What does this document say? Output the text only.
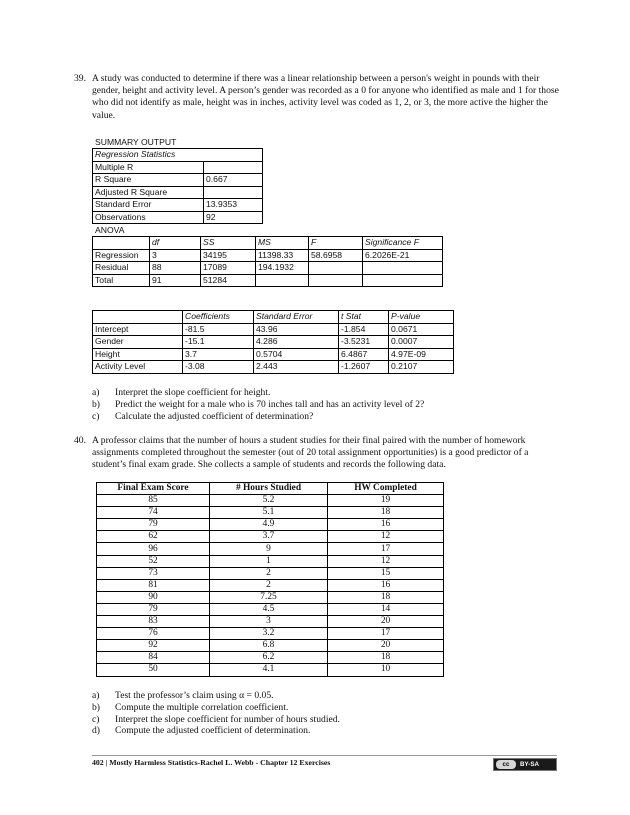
39. A study was conducted to determine if there was a linear relationship between a person's weight in pounds with their gender, height and activity level. A person’s gender was recorded as a 0 for anyone who identified as male and 1 for those who did not identify as male, height was in inches, activity level was coded as 1, 2, or 3, the more active the higher the value.
SUMMARY OUTPUT
Regression Statistics	
Multiple R	
R Square	0.667
Adjusted R Square	
Standard Error	13.9353
Observations	92
ANOVA
	df	SS	MS	F	Significance F
Regression	3	34195	11398.33	58.6958	6.2026E-21
Residual	88	17089	194.1932		
Total	91	51284			
	Coefficients	Standard Error	t Stat	P-value
Intercept	-81.5	43.96	-1.854	0.0671
Gender	-15.1	4.286	-3.5231	0.0007
Height	3.7	0.5704	6.4867	4.97E-09
Activity Level	-3.08	2.443	-1.2607	0.2107
a) Interpret the slope coefficient for height.
b) Predict the weight for a male who is 70 inches tall and has an activity level of 2?
c) Calculate the adjusted coefficient of determination?
40. A professor claims that the number of hours a student studies for their final paired with the number of homework assignments completed throughout the semester (out of 20 total assignment opportunities) is a good predictor of a student’s final exam grade. She collects a sample of students and records the following data.
Final Exam Score	# Hours Studied	HW Completed
85	5.2	19
74	5.1	18
79	4.9	16
62	3.7	12
96	9	17
52	1	12
73	2	15
81	2	16
90	7.25	18
79	4.5	14
83	3	20
76	3.2	17
92	6.8	20
84	6.2	18
50	4.1	10
a) Test the professor’s claim using α = 0.05.
b) Compute the multiple correlation coefficient.
c) Interpret the slope coefficient for number of hours studied.
d) Compute the adjusted coefficient of determination.
402 | Mostly Harmless Statistics-Rachel L. Webb - Chapter 12 Exercises	cc	BY-SA
